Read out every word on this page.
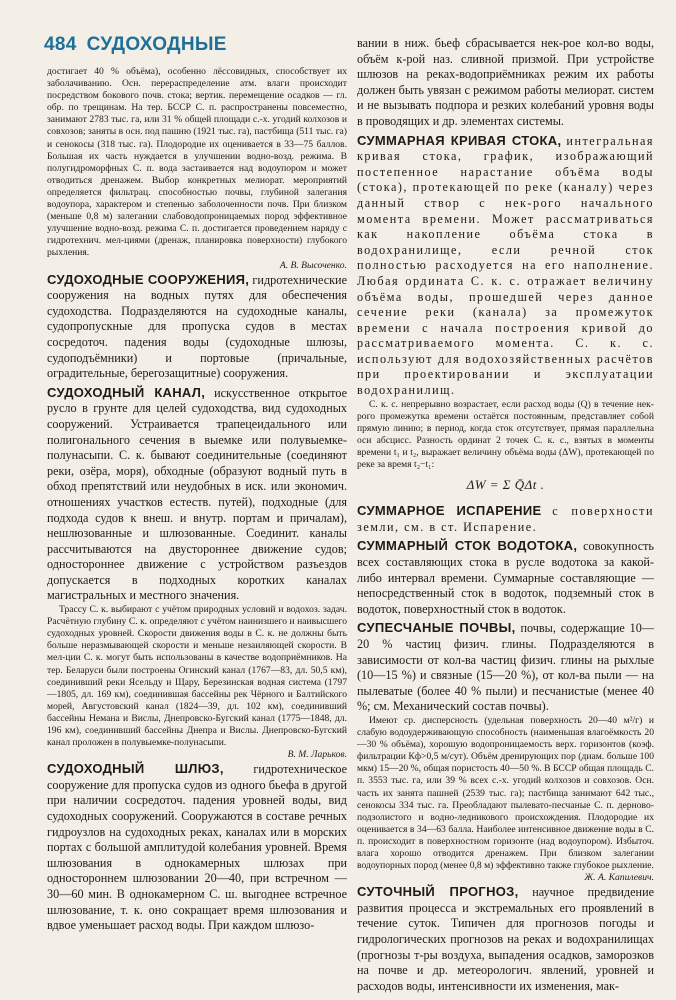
484 СУДОХОДНЫЕ

достигает 40 % объёма), особенно лёссовидных, способствует их заболачиванию. Осн. перераспределение атм. влаги происходит посредством бокового почв. стока; вертик. перемещение осадков — гл. обр. по трещинам. На тер. БССР С. п. распространены повсеместно, занимают 2783 тыс. га, или 31 % общей площади с.-х. угодий колхозов и совхозов; заняты в осн. под пашню (1921 тыс. га), пастбища (511 тыс. га) и сенокосы (318 тыс. га). Плодородие их оценивается в 33—75 баллов. Большая их часть нуждается в улучшении водно-возд. режима. В полугидроморфных С. п. вода застаивается над водоупором и может отводиться дренажем. Выбор конкретных мелиорат. мероприятий определяется фильтрац. способностью почвы, глубиной залегания водоупора, характером и степенью заболоченности почв. При близком (меньше 0,8 м) залегании слабоводопроницаемых пород эффективное улучшение водно-возд. режима С. п. достигается проведением наряду с гидротехнич. мел-циями (дренаж, планировка поверхности) глубокого рыхления.

А. В. Высоченко.

СУДОХОДНЫЕ СООРУЖЕНИЯ, гидротехнические сооружения на водных путях для обеспечения судоходства. Подразделяются на судоходные каналы, судопропускные для пропуска судов в местах сосредоточ. падения воды (судоходные шлюзы, судоподъёмники) и портовые (причальные, оградительные, берегозащитные) сооружения.

СУДОХОДНЫЙ КАНАЛ, искусственное открытое русло в грунте для целей судоходства, вид судоходных сооружений. Устраивается трапецеидального или полигонального сечения в выемке или полувыемке-полунасыпи. С. к. бывают соединительные (соединяют реки, озёра, моря), обходные (образуют водный путь в обход препятствий или неудобных в иск. или экономич. отношениях участков естеств. путей), подходные (для подхода судов к внеш. и внутр. портам и причалам), нешлюзованные и шлюзованные. Соединит. каналы рассчитываются на двустороннее движение судов; одностороннее движение с устройством разъездов допускается в подходных коротких каналах магистральных и местного значения.

Трассу С. к. выбирают с учётом природных условий и водохоз. задач. Расчётную глубину С. к. определяют с учётом наинизшего и наивысшего судоходных уровней. Скорости движения воды в С. к. не должны быть больше неразмывающей скорости и меньше незаиляющей скорости. В мел-ции С. к. могут быть использованы в качестве водоприёмников. На тер. Беларуси были построены Огинский канал (1767—83, дл. 50,5 км), соединивший реки Ясельду и Щару, Березинская водная система (1797—1805, дл. 169 км), соединившая бассейны рек Чёрного и Балтийского морей, Августовский канал (1824—39, дл. 102 км), соединивший бассейны Немана и Вислы, Днепровско-Бугский канал (1775—1848, дл. 196 км), соединивший бассейны Днепра и Вислы. Днепровско-Бугский канал проложен в полувыемке-полунасыпи.

В. М. Ларьков.

СУДОХОДНЫЙ ШЛЮЗ, гидротехническое сооружение для пропуска судов из одного бьефа в другой при наличии сосредоточ. падения уровней воды, вид судоходных сооружений. Сооружаются в составе речных гидроузлов на судоходных реках, каналах или в морских портах с большой амплитудой колебания уровней. Время шлюзования в однокамерных шлюзах при одностороннем шлюзовании 20—40, при встречном — 30—60 мин. В однокамерном С. ш. выгоднее встречное шлюзование, т. к. оно сокращает время шлюзования и вдвое уменьшает расход воды. При каждом шлюзо-

вании в ниж. бьеф сбрасывается нек-рое кол-во воды, объём к-рой наз. сливной призмой. При устройстве шлюзов на реках-водоприёмниках режим их работы должен быть увязан с режимом работы мелиорат. систем и не вызывать подпора и резких колебаний уровня воды в проводящих и др. элементах системы.

СУММАРНАЯ КРИВАЯ СТОКА, интегральная кривая стока, график, изображающий постепенное нарастание объёма воды (стока), протекающей по реке (каналу) через данный створ с нек-рого начального момента времени. Может рассматриваться как накопление объёма стока в водохранилище, если речной сток полностью расходуется на его наполнение. Любая ордината С. к. с. отражает величину объёма воды, прошедшей через данное сечение реки (канала) за промежуток времени с начала построения кривой до рассматриваемого момента. С. к. с. используют для водохозяйственных расчётов при проектировании и эксплуатации водохранилищ.

С. к. с. непрерывно возрастает, если расход воды (Q) в течение нек-рого промежутка времени остаётся постоянным, представляет собой прямую линию; в период, когда сток отсутствует, прямая параллельна оси абсцисс. Разность ординат 2 точек С. к. с., взятых в моменты времени t₁ и t₂, выражает величину объёма воды (ΔW), протекающей по реке за время t₂−t₁:

ΔW = Σ Q̄Δt .

СУММАРНОЕ ИСПАРЕНИЕ с поверхности земли, см. в ст. Испарение.

СУММАРНЫЙ СТОК ВОДОТОКА, совокупность всех составляющих стока в русле водотока за какой-либо интервал времени. Суммарные составляющие — непосредственный сток в водоток, подземный сток в водоток, поверхностный сток в водоток.

СУПЕСЧАНЫЕ ПОЧВЫ, почвы, содержащие 10—20 % частиц физич. глины. Подразделяются в зависимости от кол-ва частиц физич. глины на рыхлые (10—15 %) и связные (15—20 %), от кол-ва пыли — на пылеватые (более 40 % пыли) и песчанистые (менее 40 %; см. Механический состав почвы).

Имеют ср. дисперсность (удельная поверхность 20—40 м²/г) и слабую водоудерживающую способность (наименьшая влагоёмкость 20—30 % объёма), хорошую водопроницаемость верх. горизонтов (коэф. фильтрации Кф>0,5 м/сут). Объём дренирующих пор (диам. больше 100 мкм) 15—20 %, общая пористость 40—50 %. В БССР общая площадь С. п. 3553 тыс. га, или 39 % всех с.-х. угодий колхозов и совхозов. Осн. часть их занята пашней (2539 тыс. га); пастбища занимают 642 тыс., сенокосы 334 тыс. га. Преобладают пылевато-песчаные С. п. дерново-подзолистого и водно-ледникового происхождения. Плодородие их оценивается в 34—63 балла. Наиболее интенсивное движение воды в С. п. происходит в поверхностном горизонте (над водоупором). Избыточ. влага хорошо отводится дренажем. При близком залегании водоупорных пород (менее 0,8 м) эффективно также глубокое рыхление.

Ж. А. Капилевич.

СУТОЧНЫЙ ПРОГНОЗ, научное предвидение развития процесса и экстремальных его проявлений в течение суток. Типичен для прогнозов погоды и гидрологических прогнозов на реках и водохранилищах (прогнозы т-ры воздуха, выпадения осадков, заморозков на почве и др. метеорологич. явлений, уровней и расходов воды, интенсивности их изменения, мак-
